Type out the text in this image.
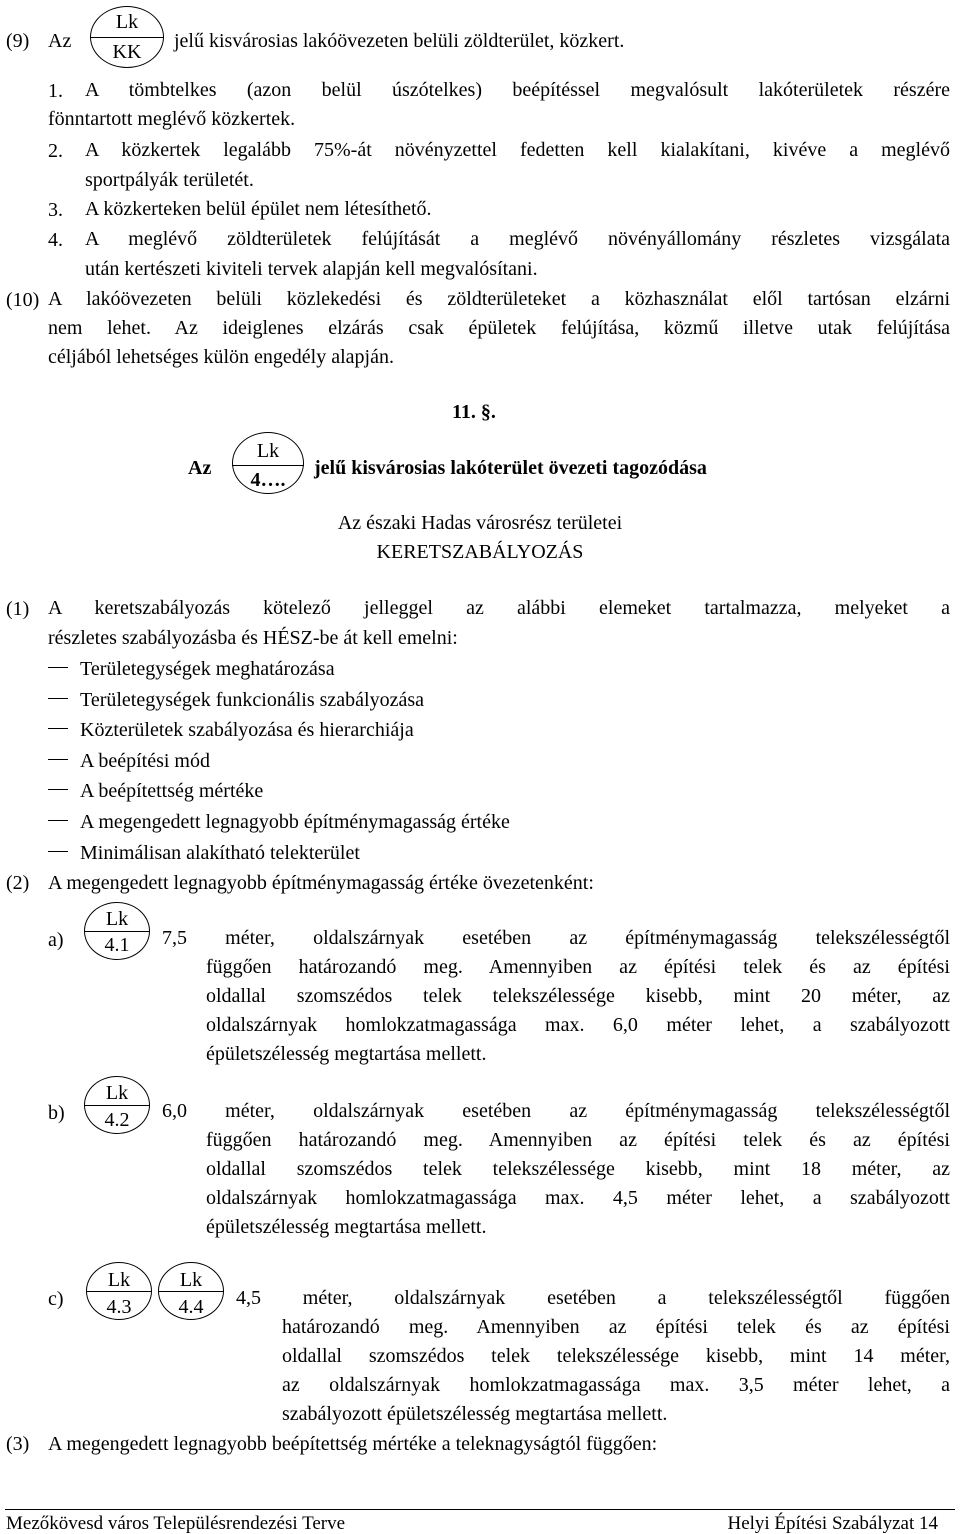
(9) Az
Lk
KK	jelű kisvárosias lakóövezeten belüli zöldterület, közkert.
1. A tömbtelkes (azon belül úszótelkes) beépítéssel megvalósult lakóterületek részére
fönntartott meglévő közkertek.
2. A közkertek legalább 75%-át növényzettel fedetten kell kialakítani, kivéve a meglévő
sportpályák területét.
3. A közkerteken belül épület nem létesíthető.
4. A meglévő zöldterületek felújítását a meglévő növényállomány részletes vizsgálata
után kertészeti kiviteli tervek alapján kell megvalósítani.
(10) A lakóövezeten belüli közlekedési és zöldterületeket a közhasználat elől tartósan elzárni
nem lehet. Az ideiglenes elzárás csak épületek felújítása, közmű illetve utak felújítása
céljából lehetséges külön engedély alapján.
11. §.
Az
Lk
4….
jelű kisvárosias lakóterület övezeti tagozódása
Az északi Hadas városrész területei
KERETSZABÁLYOZÁS
(1) A keretszabályozás kötelező jelleggel az alábbi elemeket tartalmazza, melyeket a
részletes szabályozásba és HÉSZ-be át kell emelni:
Területegységek meghatározása
Területegységek funkcionális szabályozása
Közterületek szabályozása és hierarchiája
A beépítési mód
A beépítettség mértéke
A megengedett legnagyobb építménymagasság értéke
Minimálisan alakítható telekterület
(2) A megengedett legnagyobb építménymagasság értéke övezetenként:
a)
Lk
4.1	7,5 méter, oldalszárnyak esetében az építménymagasság telekszélességtől
függően határozandó meg. Amennyiben az építési telek és az építési
oldallal szomszédos telek telekszélessége kisebb, mint 20 méter, az
oldalszárnyak homlokzatmagassága max. 6,0 méter lehet, a szabályozott
épületszélesség megtartása mellett.
b)
Lk
4.2	6,0 méter, oldalszárnyak esetében az építménymagasság telekszélességtől
függően határozandó meg. Amennyiben az építési telek és az építési
oldallal szomszédos telek telekszélessége kisebb, mint 18 méter, az
oldalszárnyak homlokzatmagassága max. 4,5 méter lehet, a szabályozott
épületszélesség megtartása mellett.
c)
Lk
4.3
Lk
4.4	4,5 méter, oldalszárnyak esetében a telekszélességtől függően
határozandó meg. Amennyiben az építési telek és az építési
oldallal szomszédos telek telekszélessége kisebb, mint 14 méter,
az oldalszárnyak homlokzatmagassága max. 3,5 méter lehet, a
szabályozott épületszélesség megtartása mellett.
(3) A megengedett legnagyobb beépítettség mértéke a teleknagyságtól függően:
Mezőkövesd város Településrendezési Terve	Helyi Építési Szabályzat 14
